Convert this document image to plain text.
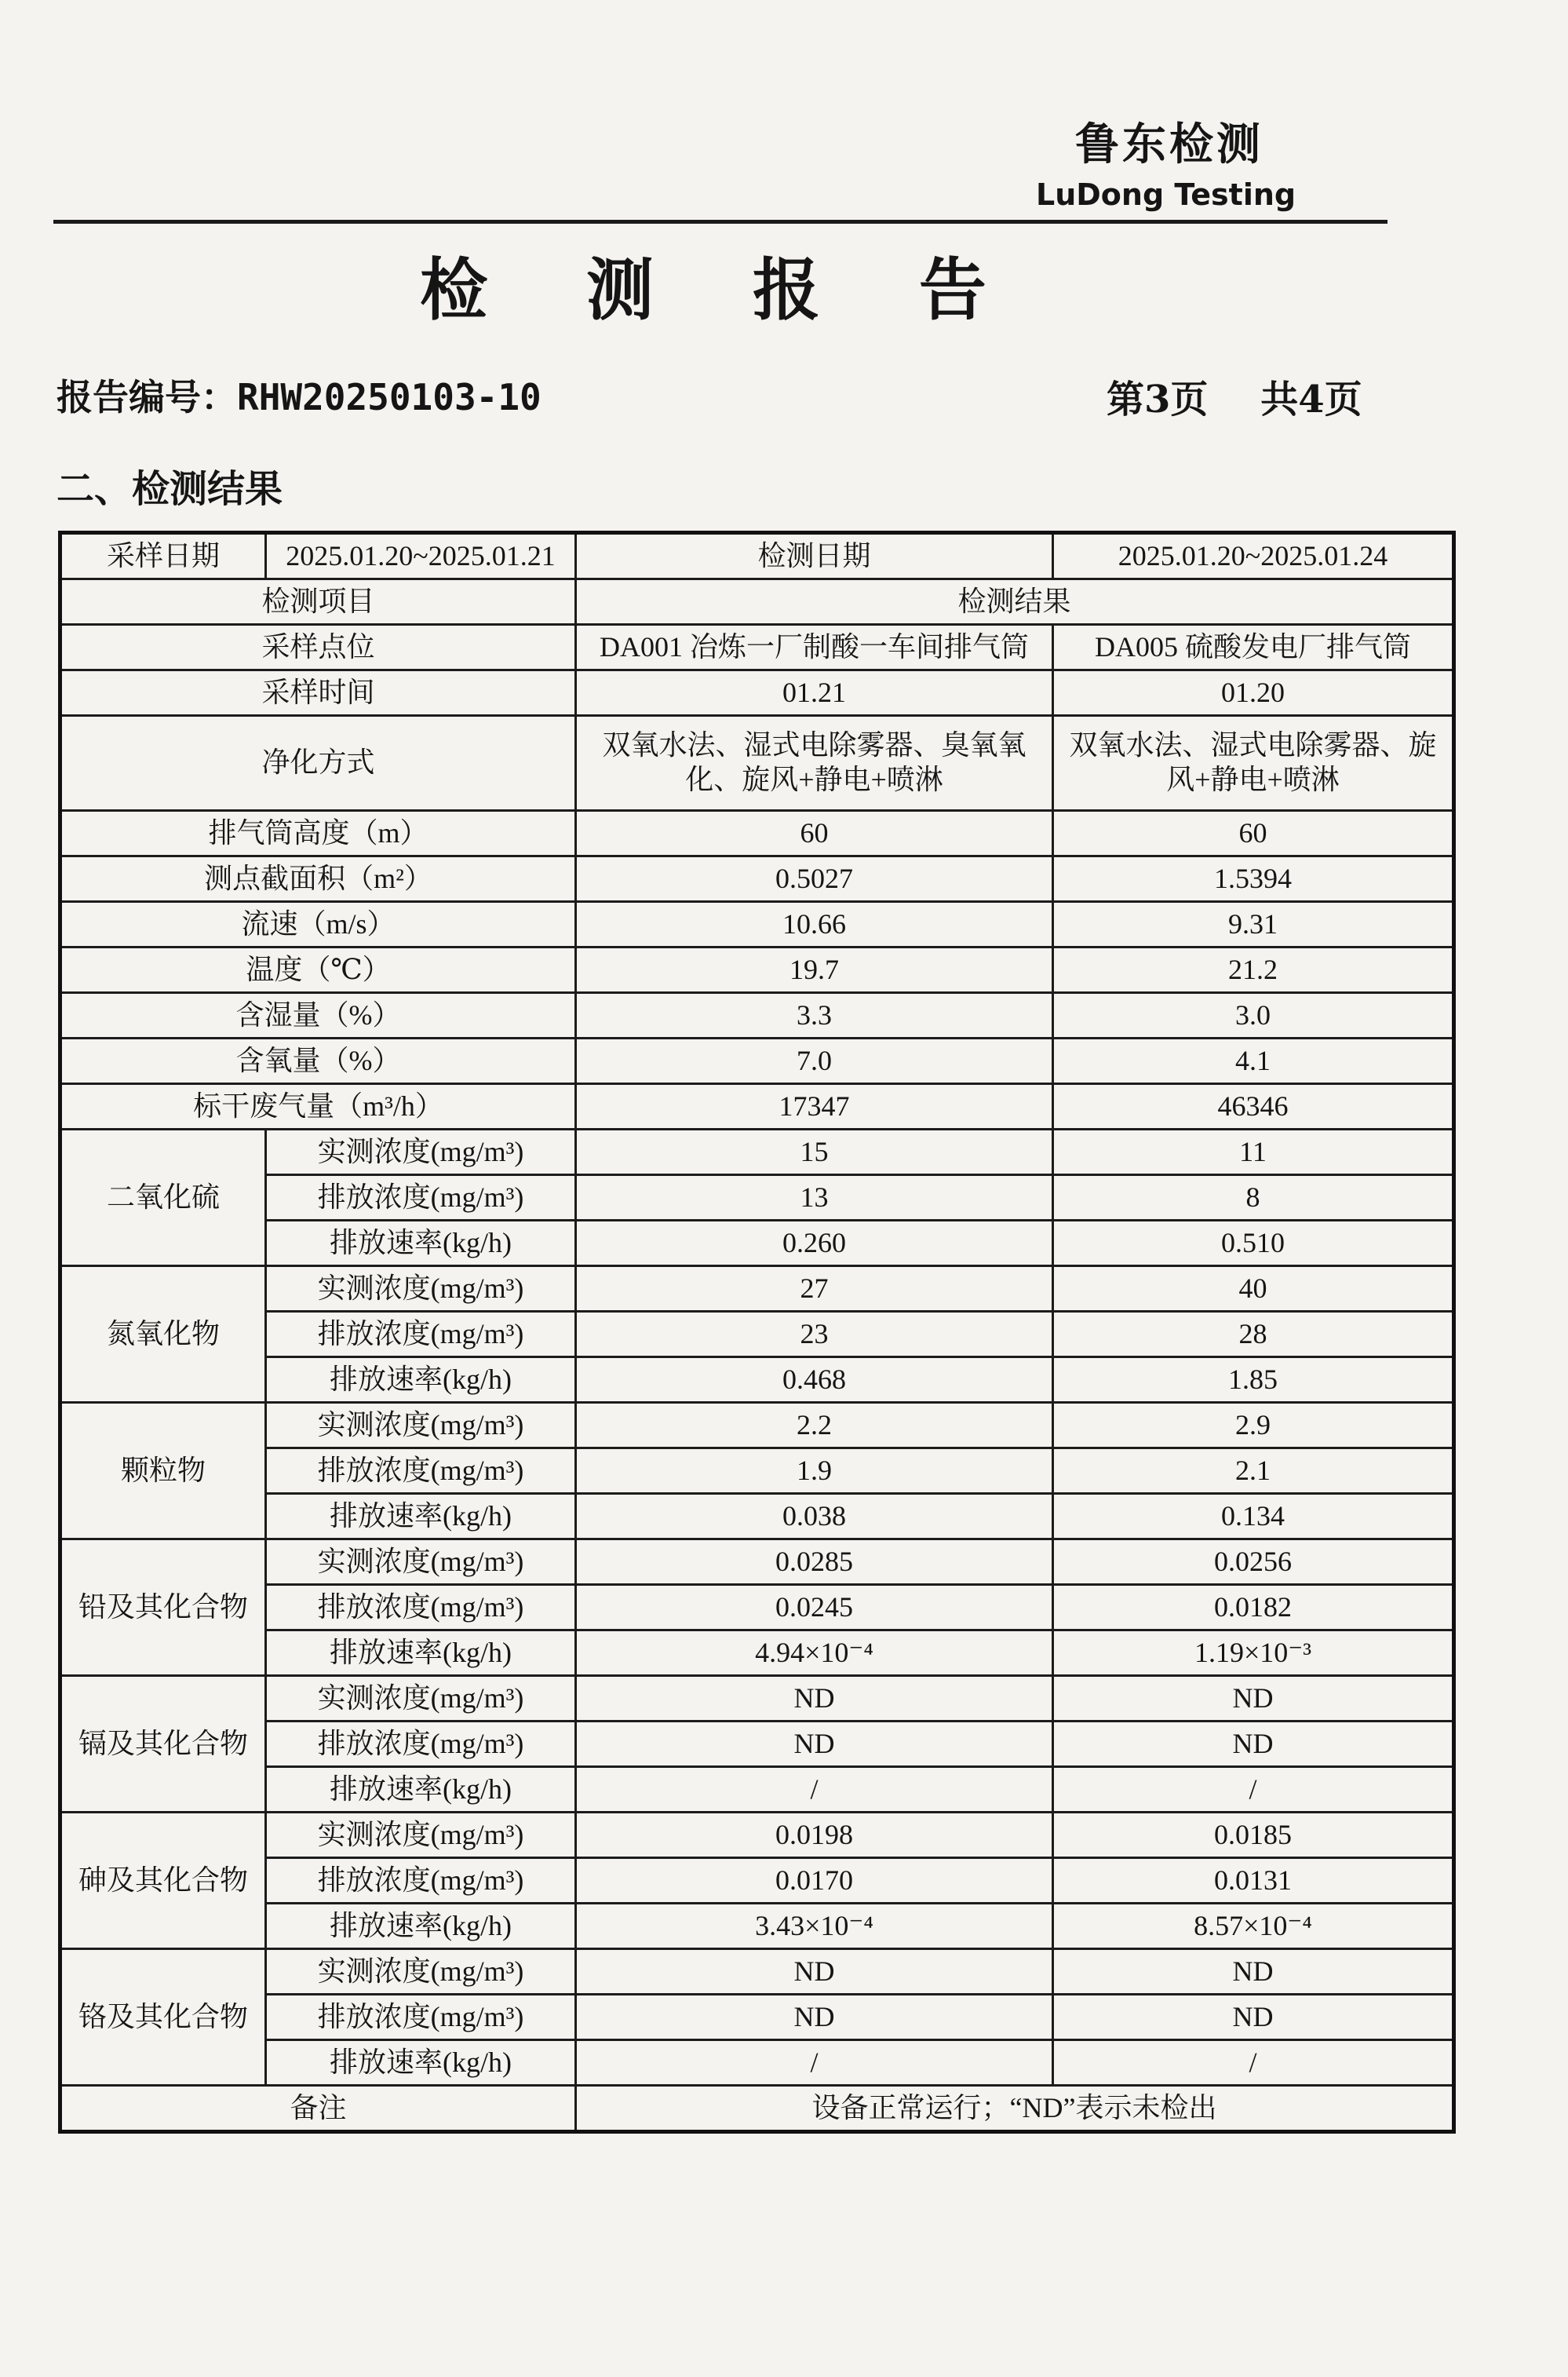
鲁东检测
LuDong Testing
检 测 报 告
报告编号：RHW20250103-10	第3页    共4页
二、检测结果
采样日期	2025.01.20~2025.01.21	检测日期	2025.01.20~2025.01.24
检测项目		检测结果	
采样点位		DA001 冶炼一厂制酸一车间排气筒	DA005 硫酸发电厂排气筒
采样时间		01.21	01.20
净化方式		双氧水法、湿式电除雾器、臭氧氧化、旋风+静电+喷淋	双氧水法、湿式电除雾器、旋风+静电+喷淋
排气筒高度（m）		60	60
测点截面积（m²）		0.5027	1.5394
流速（m/s）		10.66	9.31
温度（℃）		19.7	21.2
含湿量（%）		3.3	3.0
含氧量（%）		7.0	4.1
标干废气量（m³/h）		17347	46346
二氧化硫	实测浓度(mg/m³)	15	11
	排放浓度(mg/m³)	13	8
	排放速率(kg/h)	0.260	0.510
氮氧化物	实测浓度(mg/m³)	27	40
	排放浓度(mg/m³)	23	28
	排放速率(kg/h)	0.468	1.85
颗粒物	实测浓度(mg/m³)	2.2	2.9
	排放浓度(mg/m³)	1.9	2.1
	排放速率(kg/h)	0.038	0.134
铅及其化合物	实测浓度(mg/m³)	0.0285	0.0256
	排放浓度(mg/m³)	0.0245	0.0182
	排放速率(kg/h)	4.94×10⁻⁴	1.19×10⁻³
镉及其化合物	实测浓度(mg/m³)	ND	ND
	排放浓度(mg/m³)	ND	ND
	排放速率(kg/h)	/	/
砷及其化合物	实测浓度(mg/m³)	0.0198	0.0185
	排放浓度(mg/m³)	0.0170	0.0131
	排放速率(kg/h)	3.43×10⁻⁴	8.57×10⁻⁴
铬及其化合物	实测浓度(mg/m³)	ND	ND
	排放浓度(mg/m³)	ND	ND
	排放速率(kg/h)	/	/
备注		设备正常运行；“ND”表示未检出	
